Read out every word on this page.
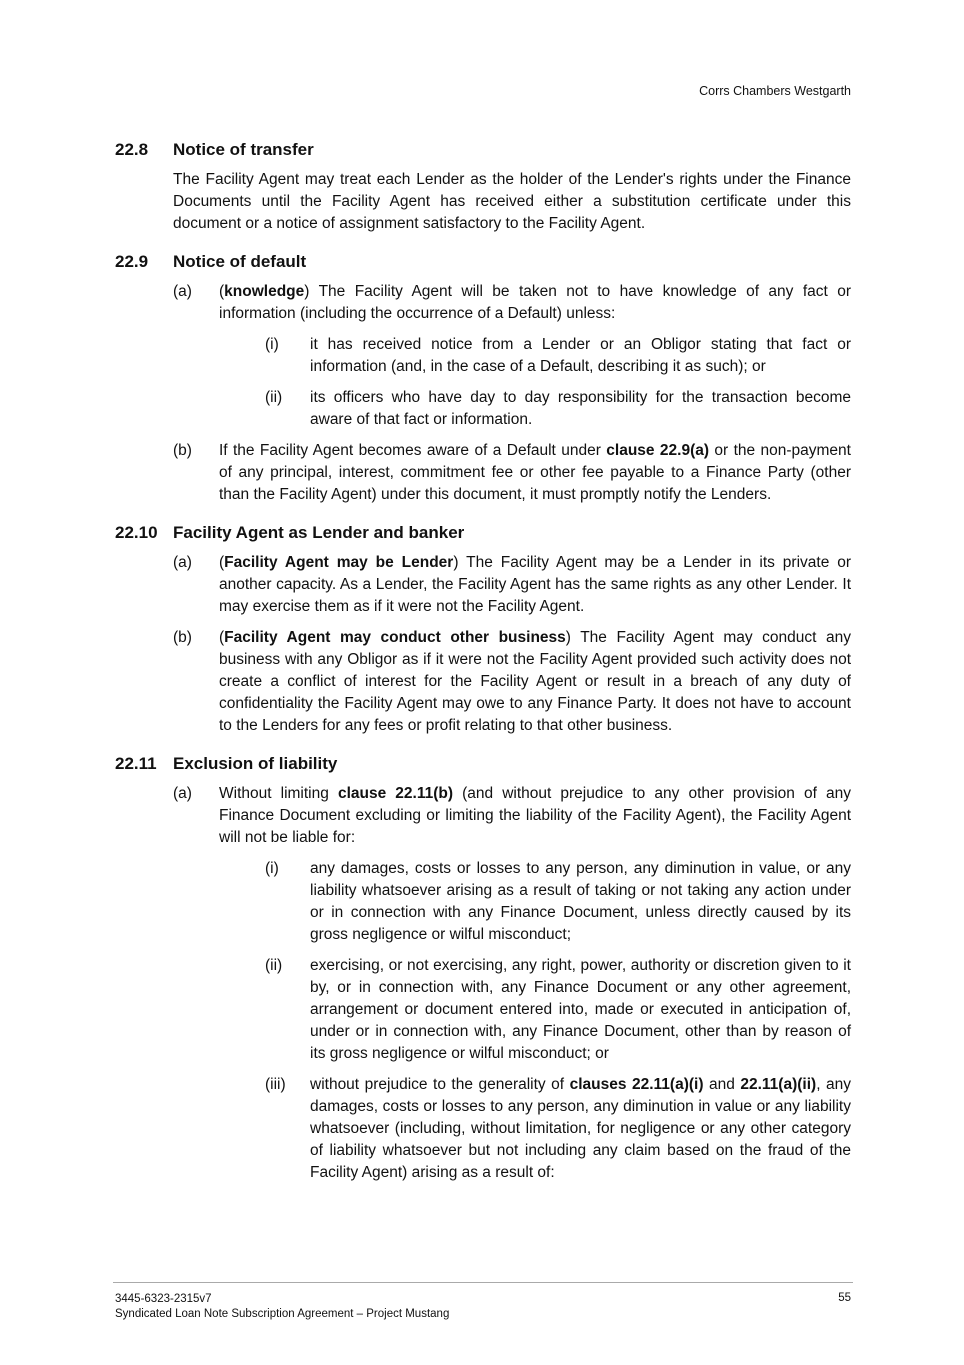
Corrs Chambers Westgarth
22.8	Notice of transfer
The Facility Agent may treat each Lender as the holder of the Lender's rights under the Finance Documents until the Facility Agent has received either a substitution certificate under this document or a notice of assignment satisfactory to the Facility Agent.
22.9	Notice of default
(a)	(knowledge) The Facility Agent will be taken not to have knowledge of any fact or information (including the occurrence of a Default) unless:
(i)	it has received notice from a Lender or an Obligor stating that fact or information (and, in the case of a Default, describing it as such); or
(ii)	its officers who have day to day responsibility for the transaction become aware of that fact or information.
(b)	If the Facility Agent becomes aware of a Default under clause 22.9(a) or the non-payment of any principal, interest, commitment fee or other fee payable to a Finance Party (other than the Facility Agent) under this document, it must promptly notify the Lenders.
22.10 Facility Agent as Lender and banker
(a)	(Facility Agent may be Lender) The Facility Agent may be a Lender in its private or another capacity. As a Lender, the Facility Agent has the same rights as any other Lender. It may exercise them as if it were not the Facility Agent.
(b)	(Facility Agent may conduct other business) The Facility Agent may conduct any business with any Obligor as if it were not the Facility Agent provided such activity does not create a conflict of interest for the Facility Agent or result in a breach of any duty of confidentiality the Facility Agent may owe to any Finance Party. It does not have to account to the Lenders for any fees or profit relating to that other business.
22.11 Exclusion of liability
(a)	Without limiting clause 22.11(b) (and without prejudice to any other provision of any Finance Document excluding or limiting the liability of the Facility Agent), the Facility Agent will not be liable for:
(i)	any damages, costs or losses to any person, any diminution in value, or any liability whatsoever arising as a result of taking or not taking any action under or in connection with any Finance Document, unless directly caused by its gross negligence or wilful misconduct;
(ii)	exercising, or not exercising, any right, power, authority or discretion given to it by, or in connection with, any Finance Document or any other agreement, arrangement or document entered into, made or executed in anticipation of, under or in connection with, any Finance Document, other than by reason of its gross negligence or wilful misconduct; or
(iii)	without prejudice to the generality of clauses 22.11(a)(i) and 22.11(a)(ii), any damages, costs or losses to any person, any diminution in value or any liability whatsoever (including, without limitation, for negligence or any other category of liability whatsoever but not including any claim based on the fraud of the Facility Agent) arising as a result of:
3445-6323-2315v7
Syndicated Loan Note Subscription Agreement – Project Mustang
55
